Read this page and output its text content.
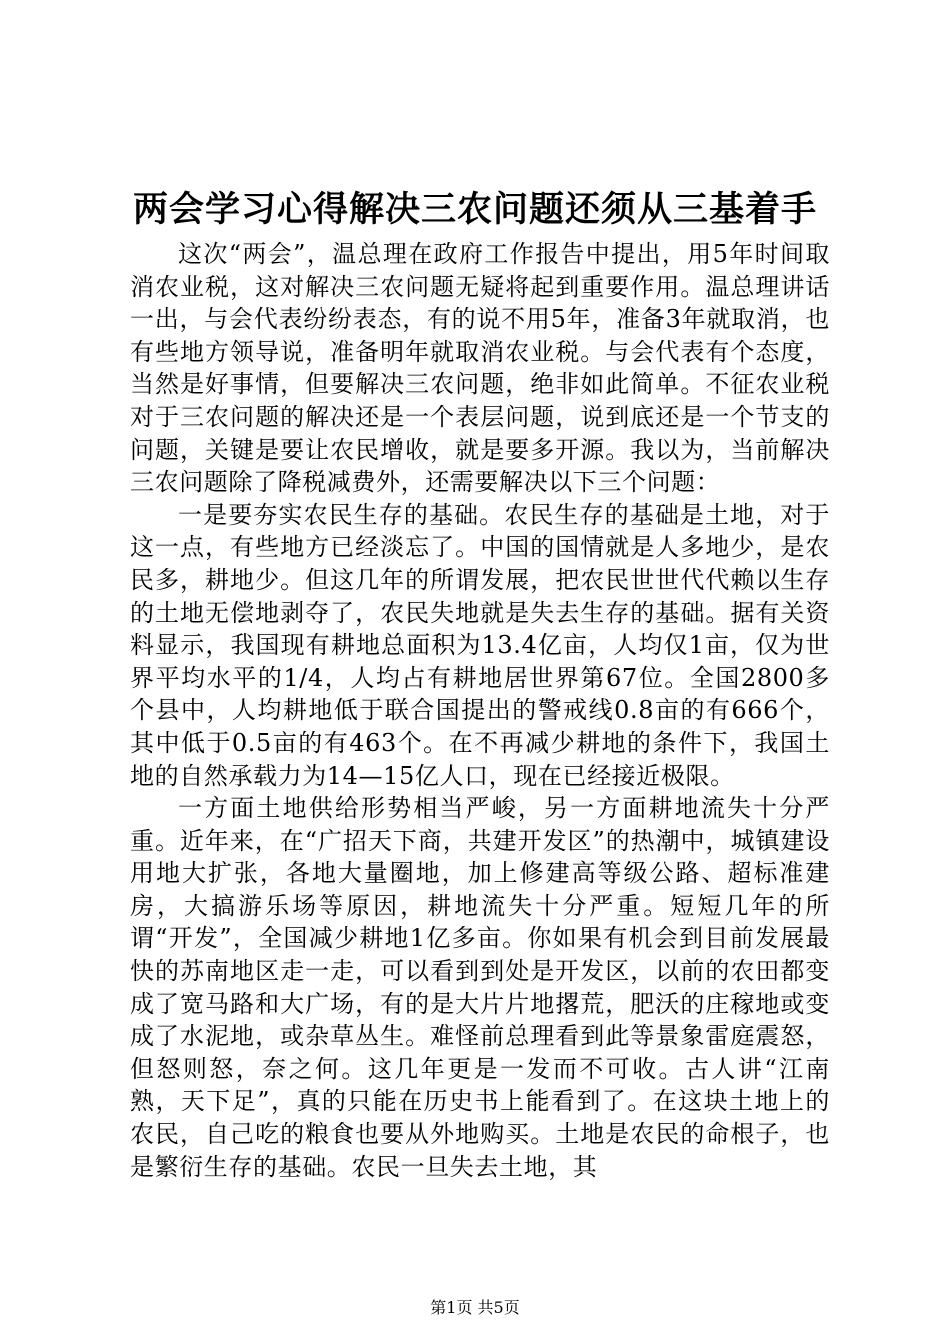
两会学习心得解决三农问题还须从三基着手

这次“两会”，温总理在政府工作报告中提出，用5年时间取消农业税，这对解决三农问题无疑将起到重要作用。温总理讲话一出，与会代表纷纷表态，有的说不用5年，准备3年就取消，也有些地方领导说，准备明年就取消农业税。与会代表有个态度，当然是好事情，但要解决三农问题，绝非如此简单。不征农业税对于三农问题的解决还是一个表层问题，说到底还是一个节支的问题，关键是要让农民增收，就是要多开源。我以为，当前解决三农问题除了降税减费外，还需要解决以下三个问题：

一是要夯实农民生存的基础。农民生存的基础是土地，对于这一点，有些地方已经淡忘了。中国的国情就是人多地少，是农民多，耕地少。但这几年的所谓发展，把农民世世代代赖以生存的土地无偿地剥夺了，农民失地就是失去生存的基础。据有关资料显示，我国现有耕地总面积为13.4亿亩，人均仅1亩，仅为世界平均水平的1/4，人均占有耕地居世界第67位。全国2800多个县中，人均耕地低于联合国提出的警戒线0.8亩的有666个，其中低于0.5亩的有463个。在不再减少耕地的条件下，我国土地的自然承载力为14—15亿人口，现在已经接近极限。

一方面土地供给形势相当严峻，另一方面耕地流失十分严重。近年来，在“广招天下商，共建开发区”的热潮中，城镇建设用地大扩张，各地大量圈地，加上修建高等级公路、超标准建房，大搞游乐场等原因，耕地流失十分严重。短短几年的所谓“开发”，全国减少耕地1亿多亩。你如果有机会到目前发展最快的苏南地区走一走，可以看到到处是开发区，以前的农田都变成了宽马路和大广场，有的是大片片地撂荒，肥沃的庄稼地或变成了水泥地，或杂草丛生。难怪前总理看到此等景象雷庭震怒，但怒则怒，奈之何。这几年更是一发而不可收。古人讲“江南熟，天下足”，真的只能在历史书上能看到了。在这块土地上的农民，自己吃的粮食也要从外地购买。土地是农民的命根子，也是繁衍生存的基础。农民一旦失去土地，其

第1页 共5页
